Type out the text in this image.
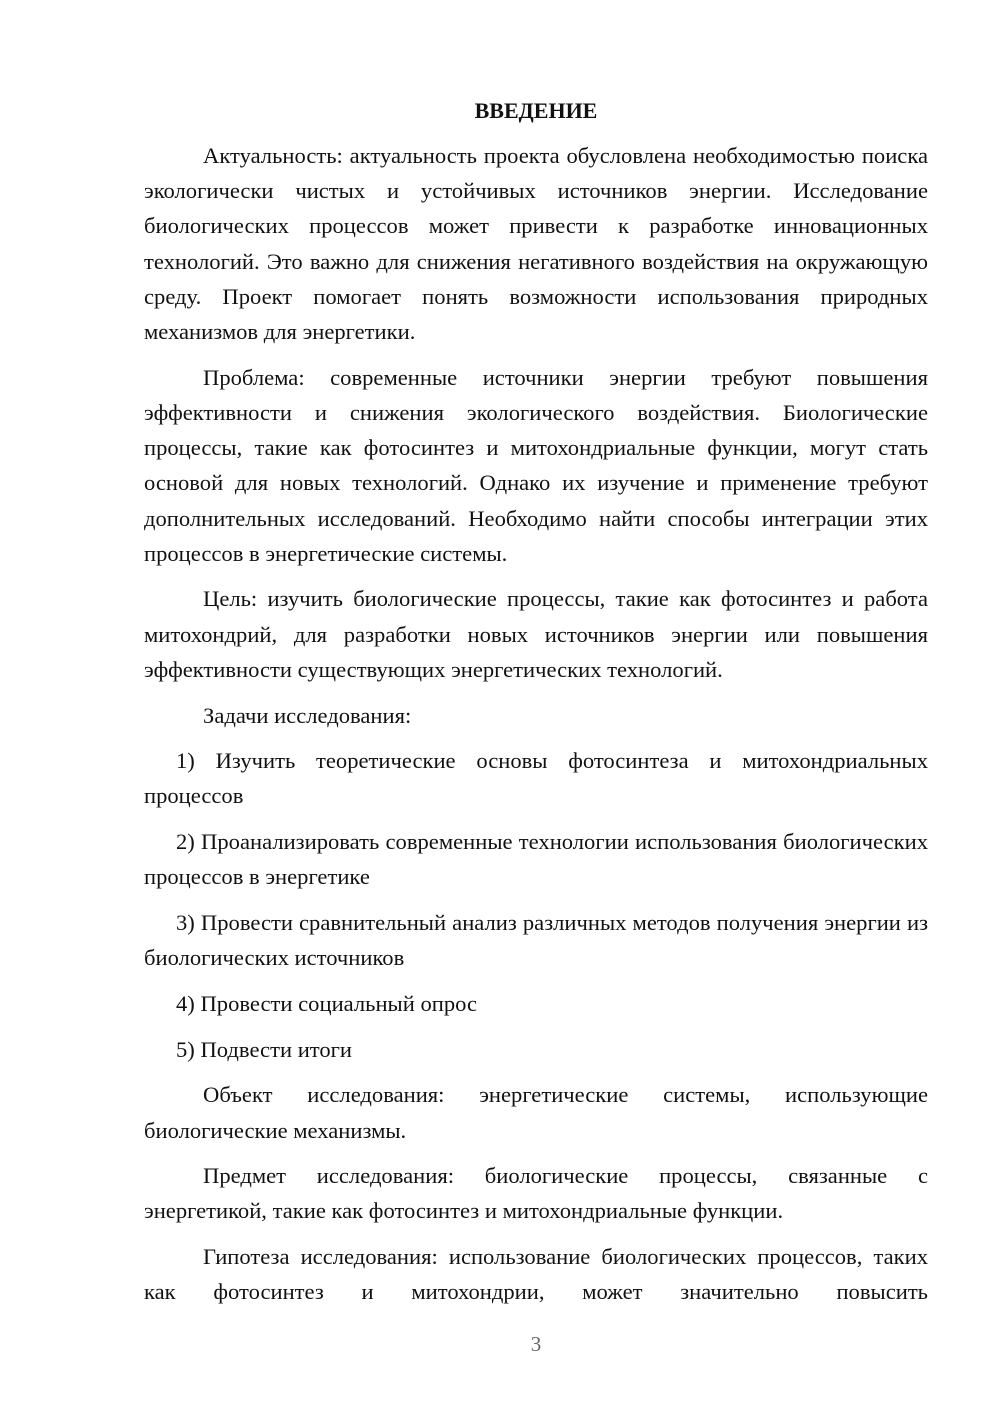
ВВЕДЕНИЕ

Актуальность: актуальность проекта обусловлена необходимостью поиска экологически чистых и устойчивых источников энергии. Исследование биологических процессов может привести к разработке инновационных технологий. Это важно для снижения негативного воздействия на окружающую среду. Проект помогает понять возможности использования природных механизмов для энергетики.

Проблема: современные источники энергии требуют повышения эффективности и снижения экологического воздействия. Биологические процессы, такие как фотосинтез и митохондриальные функции, могут стать основой для новых технологий. Однако их изучение и применение требуют дополнительных исследований. Необходимо найти способы интеграции этих процессов в энергетические системы.

Цель: изучить биологические процессы, такие как фотосинтез и работа митохондрий, для разработки новых источников энергии или повышения эффективности существующих энергетических технологий.

Задачи исследования:

1) Изучить теоретические основы фотосинтеза и митохондриальных процессов

2) Проанализировать современные технологии использования биологических процессов в энергетике

3) Провести сравнительный анализ различных методов получения энергии из биологических источников

4) Провести социальный опрос

5) Подвести итоги

Объект исследования: энергетические системы, использующие биологические механизмы.

Предмет исследования: биологические процессы, связанные с энергетикой, такие как фотосинтез и митохондриальные функции.

Гипотеза исследования: использование биологических процессов, таких как фотосинтез и митохондрии, может значительно повысить

3
